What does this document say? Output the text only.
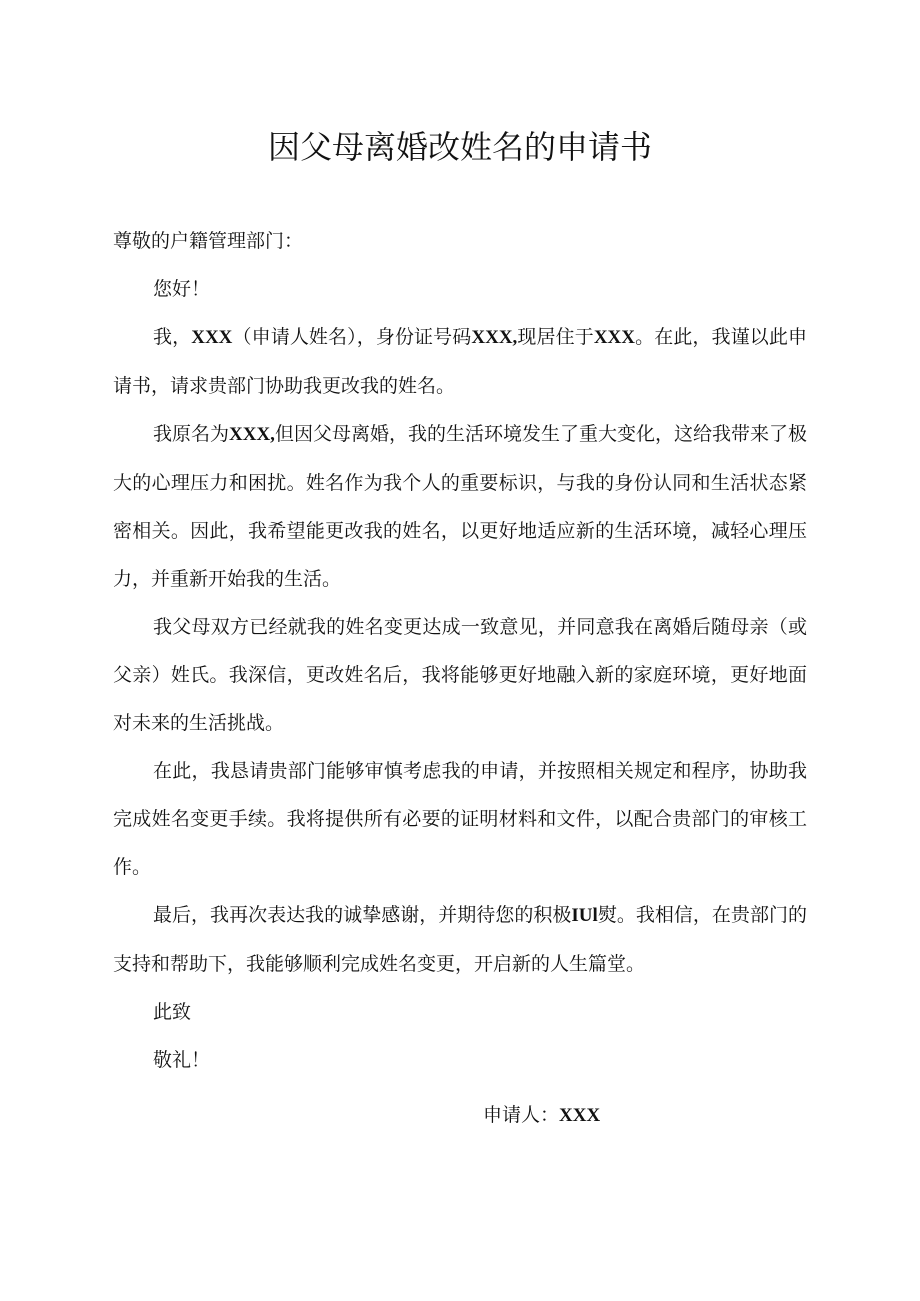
因父母离婚改姓名的申请书

尊敬的户籍管理部门：

您好！

我，XXX（申请人姓名），身份证号码XXX,现居住于XXX。在此，我谨以此申请书，请求贵部门协助我更改我的姓名。

我原名为XXX,但因父母离婚，我的生活环境发生了重大变化，这给我带来了极大的心理压力和困扰。姓名作为我个人的重要标识，与我的身份认同和生活状态紧密相关。因此，我希望能更改我的姓名，以更好地适应新的生活环境，减轻心理压力，并重新开始我的生活。

我父母双方已经就我的姓名变更达成一致意见，并同意我在离婚后随母亲（或父亲）姓氏。我深信，更改姓名后，我将能够更好地融入新的家庭环境，更好地面对未来的生活挑战。

在此，我恳请贵部门能够审慎考虑我的申请，并按照相关规定和程序，协助我完成姓名变更手续。我将提供所有必要的证明材料和文件，以配合贵部门的审核工作。

最后，我再次表达我的诚挚感谢，并期待您的积极IUl熨。我相信，在贵部门的支持和帮助下，我能够顺利完成姓名变更，开启新的人生篇堂。

此致

敬礼！

申请人：XXX
